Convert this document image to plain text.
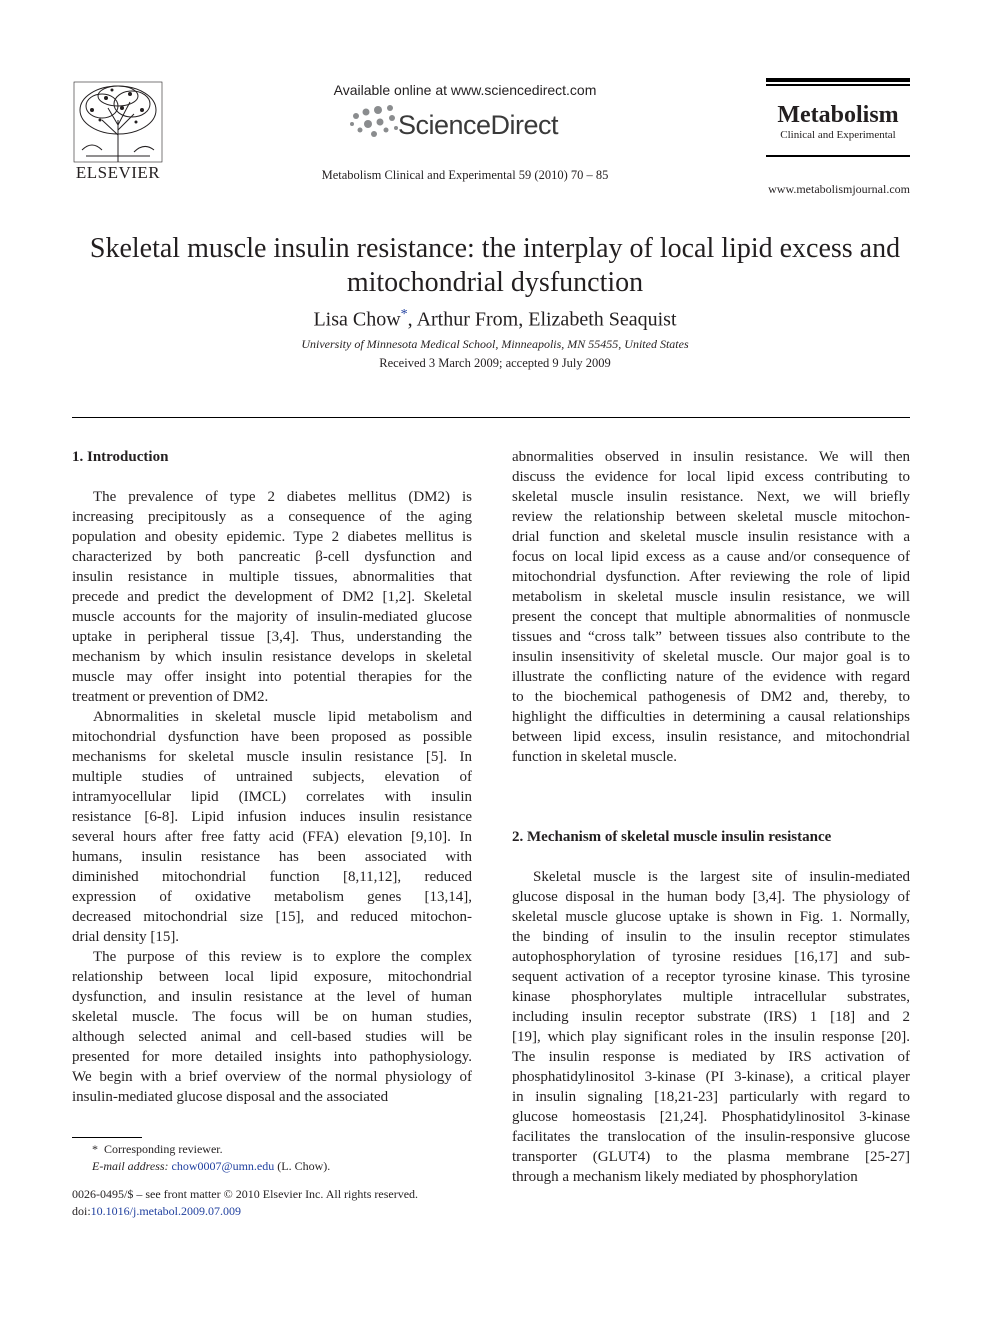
ELSEVIER
Available online at www.sciencedirect.com
ScienceDirect
Metabolism Clinical and Experimental 59 (2010) 70 – 85
Metabolism
Clinical and Experimental
www.metabolismjournal.com
Skeletal muscle insulin resistance: the interplay of local lipid excess and
mitochondrial dysfunction
Lisa Chow*, Arthur From, Elizabeth Seaquist
University of Minnesota Medical School, Minneapolis, MN 55455, United States
Received 3 March 2009; accepted 9 July 2009
1. Introduction
The prevalence of type 2 diabetes mellitus (DM2) is
increasing precipitously as a consequence of the aging
population and obesity epidemic. Type 2 diabetes mellitus is
characterized by both pancreatic β-cell dysfunction and
insulin resistance in multiple tissues, abnormalities that
precede and predict the development of DM2 [1,2]. Skeletal
muscle accounts for the majority of insulin-mediated glucose
uptake in peripheral tissue [3,4]. Thus, understanding the
mechanism by which insulin resistance develops in skeletal
muscle may offer insight into potential therapies for the
treatment or prevention of DM2.
Abnormalities in skeletal muscle lipid metabolism and
mitochondrial dysfunction have been proposed as possible
mechanisms for skeletal muscle insulin resistance [5]. In
multiple studies of untrained subjects, elevation of
intramyocellular lipid (IMCL) correlates with insulin
resistance [6-8]. Lipid infusion induces insulin resistance
several hours after free fatty acid (FFA) elevation [9,10]. In
humans, insulin resistance has been associated with
diminished mitochondrial function [8,11,12], reduced
expression of oxidative metabolism genes [13,14],
decreased mitochondrial size [15], and reduced mitochon-
drial density [15].
The purpose of this review is to explore the complex
relationship between local lipid exposure, mitochondrial
dysfunction, and insulin resistance at the level of human
skeletal muscle. The focus will be on human studies,
although selected animal and cell-based studies will be
presented for more detailed insights into pathophysiology.
We begin with a brief overview of the normal physiology of
insulin-mediated glucose disposal and the associated
* Corresponding reviewer.
E-mail address: chow0007@umn.edu (L. Chow).
0026-0495/$ – see front matter © 2010 Elsevier Inc. All rights reserved.
doi:10.1016/j.metabol.2009.07.009
abnormalities observed in insulin resistance. We will then
discuss the evidence for local lipid excess contributing to
skeletal muscle insulin resistance. Next, we will briefly
review the relationship between skeletal muscle mitochon-
drial function and skeletal muscle insulin resistance with a
focus on local lipid excess as a cause and/or consequence of
mitochondrial dysfunction. After reviewing the role of lipid
metabolism in skeletal muscle insulin resistance, we will
present the concept that multiple abnormalities of nonmuscle
tissues and “cross talk” between tissues also contribute to the
insulin insensitivity of skeletal muscle. Our major goal is to
illustrate the conflicting nature of the evidence with regard
to the biochemical pathogenesis of DM2 and, thereby, to
highlight the difficulties in determining a causal relationships
between lipid excess, insulin resistance, and mitochondrial
function in skeletal muscle.
2. Mechanism of skeletal muscle insulin resistance
Skeletal muscle is the largest site of insulin-mediated
glucose disposal in the human body [3,4]. The physiology of
skeletal muscle glucose uptake is shown in Fig. 1. Normally,
the binding of insulin to the insulin receptor stimulates
autophosphorylation of tyrosine residues [16,17] and sub-
sequent activation of a receptor tyrosine kinase. This tyrosine
kinase phosphorylates multiple intracellular substrates,
including insulin receptor substrate (IRS) 1 [18] and 2
[19], which play significant roles in the insulin response [20].
The insulin response is mediated by IRS activation of
phosphatidylinositol 3-kinase (PI 3-kinase), a critical player
in insulin signaling [18,21-23] particularly with regard to
glucose homeostasis [21,24]. Phosphatidylinositol 3-kinase
facilitates the translocation of the insulin-responsive glucose
transporter (GLUT4) to the plasma membrane [25-27]
through a mechanism likely mediated by phosphorylation
